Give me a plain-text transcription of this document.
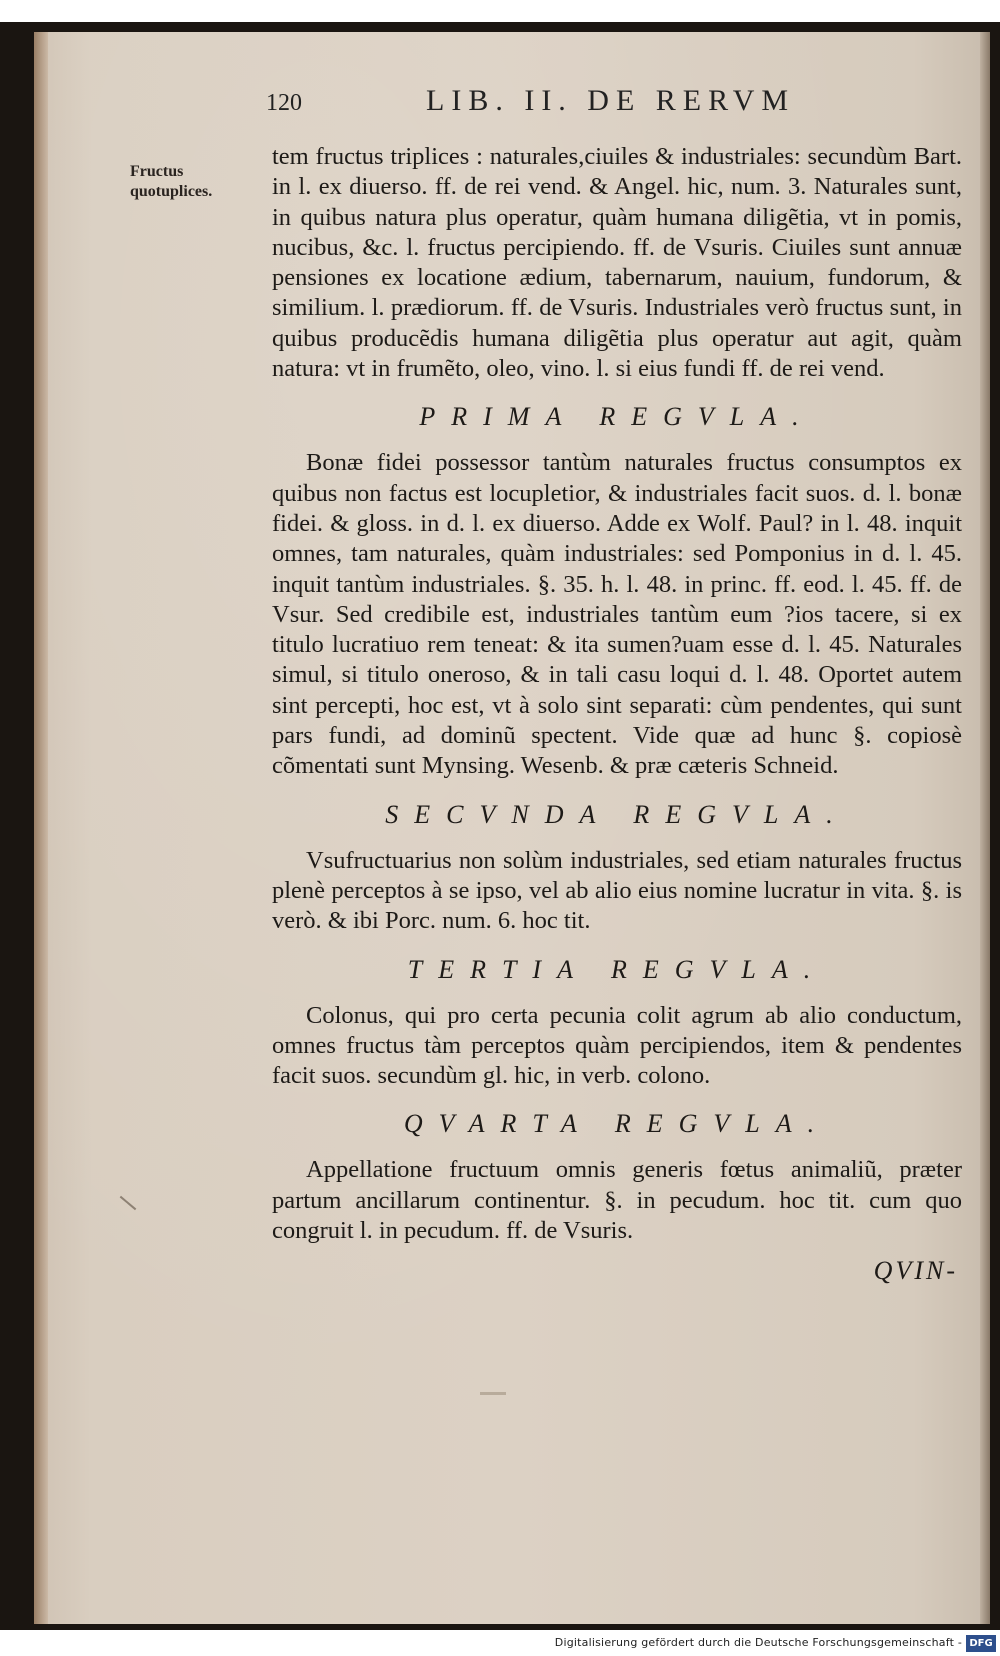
120	LIB. II. DE RERVM
Fructus quotuplices.

tem fructus triplices : naturales,ciuiles & industriales: secundùm Bart. in l. ex diuerso. ff. de rei vend. & Angel. hic, num. 3. Naturales sunt, in quibus natura plus operatur, quàm humana diligẽtia, vt in pomis, nucibus, &c. l. fructus percipiendo. ff. de Vsuris. Ciuiles sunt annuæ pensiones ex locatione ædium, tabernarum, nauium, fundorum, & similium. l. prædiorum. ff. de Vsuris. Industriales verò fructus sunt, in quibus producẽdis humana diligẽtia plus operatur aut agit, quàm natura: vt in frumẽto, oleo, vino. l. si eius fundi ff. de rei vend.

PRIMA REGVLA.

Bonæ fidei possessor tantùm naturales fructus consumptos ex quibus non factus est locupletior, & industriales facit suos. d. l. bonæ fidei. & gloss. in d. l. ex diuerso. Adde ex Wolf. Paul? in l. 48. inquit omnes, tam naturales, quàm industriales: sed Pomponius in d. l. 45. inquit tantùm industriales. §. 35. h. l. 48. in princ. ff. eod. l. 45. ff. de Vsur. Sed credibile est, industriales tantùm eum ?ios tacere, si ex titulo lucratiuo rem teneat: & ita sumen?uam esse d. l. 45. Naturales simul, si titulo oneroso, & in tali casu loqui d. l. 48. Oportet autem sint percepti, hoc est, vt à solo sint separati: cùm pendentes, qui sunt pars fundi, ad dominũ spectent. Vide quæ ad hunc §. copiosè cõmentati sunt Mynsing. Wesenb. & præ cæteris Schneid.

SECVNDA REGVLA.

Vsufructuarius non solùm industriales, sed etiam naturales fructus plenè perceptos à se ipso, vel ab alio eius nomine lucratur in vita. §. is verò. & ibi Porc. num. 6. hoc tit.

TERTIA REGVLA.

Colonus, qui pro certa pecunia colit agrum ab alio conductum, omnes fructus tàm perceptos quàm percipiendos, item & pendentes facit suos. secundùm gl. hic, in verb. colono.

QVARTA REGVLA.

Appellatione fructuum omnis generis fœtus animaliũ, præter partum ancillarum continentur. §. in pecudum. hoc tit. cum quo congruit l. in pecudum. ff. de Vsuris.

QVIN-
Digitalisierung gefördert durch die Deutsche Forschungsgemeinschaft - DFG
